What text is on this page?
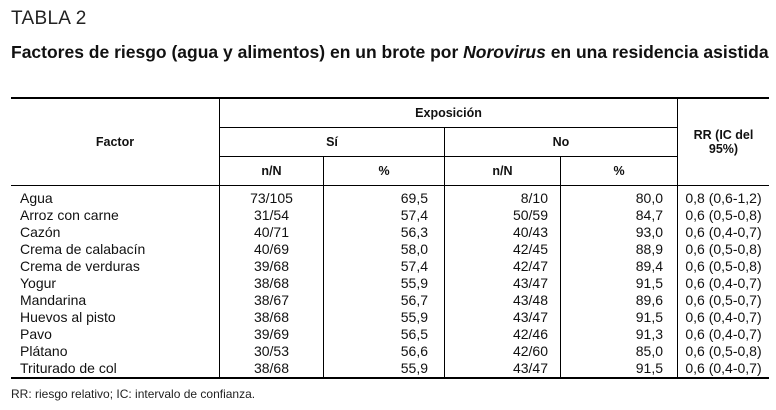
TABLA 2
Factores de riesgo (agua y alimentos) en un brote por Norovirus en una residencia asistida
Factor	Exposición				RR (IC del 95%)
	Sí		No		
	n/N	%	n/N	%	
Agua	73/105	69,5	8/10	80,0	0,8 (0,6-1,2)
Arroz con carne	31/54	57,4	50/59	84,7	0,6 (0,5-0,8)
Cazón	40/71	56,3	40/43	93,0	0,6 (0,4-0,7)
Crema de calabacín	40/69	58,0	42/45	88,9	0,6 (0,5-0,8)
Crema de verduras	39/68	57,4	42/47	89,4	0,6 (0,5-0,8)
Yogur	38/68	55,9	43/47	91,5	0,6 (0,4-0,7)
Mandarina	38/67	56,7	43/48	89,6	0,6 (0,5-0,7)
Huevos al pisto	38/68	55,9	43/47	91,5	0,6 (0,4-0,7)
Pavo	39/69	56,5	42/46	91,3	0,6 (0,4-0,7)
Plátano	30/53	56,6	42/60	85,0	0,6 (0,5-0,8)
Triturado de col	38/68	55,9	43/47	91,5	0,6 (0,4-0,7)
RR: riesgo relativo; IC: intervalo de confianza.
